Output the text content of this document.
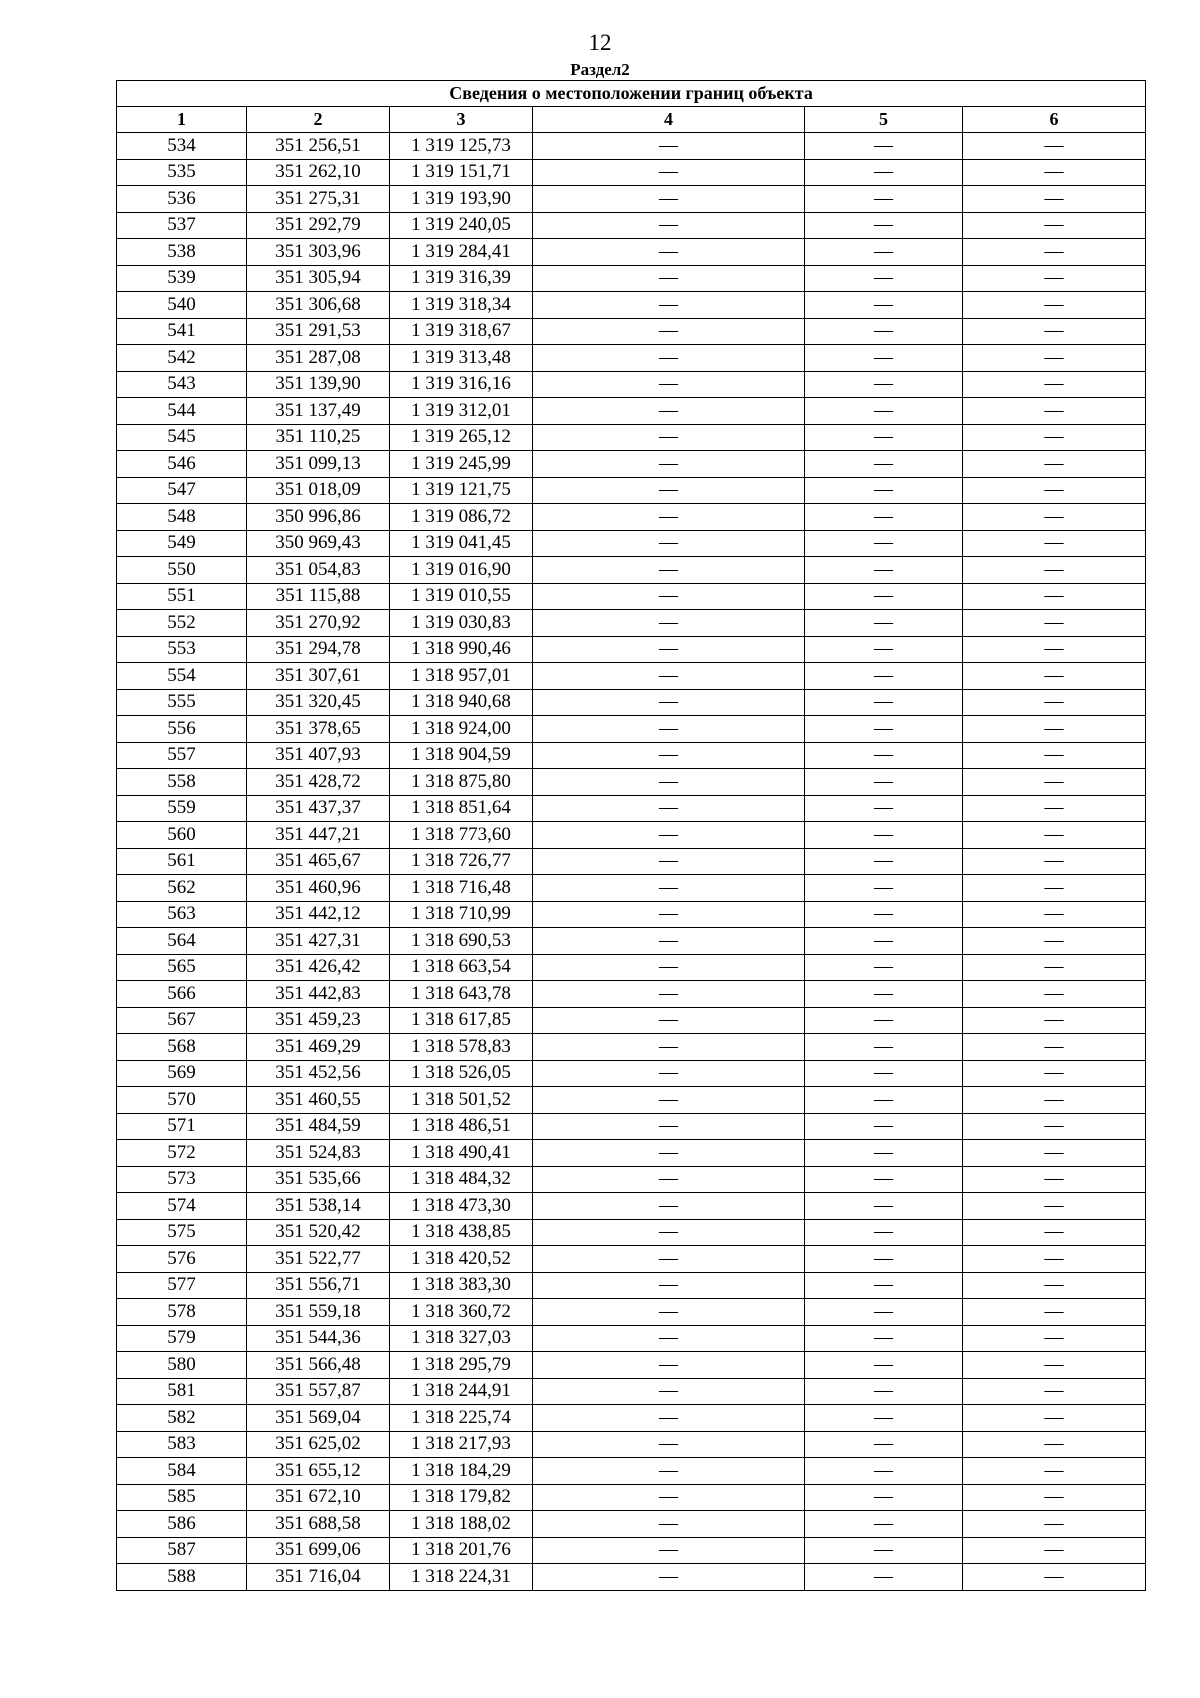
12
Раздел2
Сведения о местоположении границ объекта					
1	2	3	4	5	6
534	351 256,51	1 319 125,73	—	—	—
535	351 262,10	1 319 151,71	—	—	—
536	351 275,31	1 319 193,90	—	—	—
537	351 292,79	1 319 240,05	—	—	—
538	351 303,96	1 319 284,41	—	—	—
539	351 305,94	1 319 316,39	—	—	—
540	351 306,68	1 319 318,34	—	—	—
541	351 291,53	1 319 318,67	—	—	—
542	351 287,08	1 319 313,48	—	—	—
543	351 139,90	1 319 316,16	—	—	—
544	351 137,49	1 319 312,01	—	—	—
545	351 110,25	1 319 265,12	—	—	—
546	351 099,13	1 319 245,99	—	—	—
547	351 018,09	1 319 121,75	—	—	—
548	350 996,86	1 319 086,72	—	—	—
549	350 969,43	1 319 041,45	—	—	—
550	351 054,83	1 319 016,90	—	—	—
551	351 115,88	1 319 010,55	—	—	—
552	351 270,92	1 319 030,83	—	—	—
553	351 294,78	1 318 990,46	—	—	—
554	351 307,61	1 318 957,01	—	—	—
555	351 320,45	1 318 940,68	—	—	—
556	351 378,65	1 318 924,00	—	—	—
557	351 407,93	1 318 904,59	—	—	—
558	351 428,72	1 318 875,80	—	—	—
559	351 437,37	1 318 851,64	—	—	—
560	351 447,21	1 318 773,60	—	—	—
561	351 465,67	1 318 726,77	—	—	—
562	351 460,96	1 318 716,48	—	—	—
563	351 442,12	1 318 710,99	—	—	—
564	351 427,31	1 318 690,53	—	—	—
565	351 426,42	1 318 663,54	—	—	—
566	351 442,83	1 318 643,78	—	—	—
567	351 459,23	1 318 617,85	—	—	—
568	351 469,29	1 318 578,83	—	—	—
569	351 452,56	1 318 526,05	—	—	—
570	351 460,55	1 318 501,52	—	—	—
571	351 484,59	1 318 486,51	—	—	—
572	351 524,83	1 318 490,41	—	—	—
573	351 535,66	1 318 484,32	—	—	—
574	351 538,14	1 318 473,30	—	—	—
575	351 520,42	1 318 438,85	—	—	—
576	351 522,77	1 318 420,52	—	—	—
577	351 556,71	1 318 383,30	—	—	—
578	351 559,18	1 318 360,72	—	—	—
579	351 544,36	1 318 327,03	—	—	—
580	351 566,48	1 318 295,79	—	—	—
581	351 557,87	1 318 244,91	—	—	—
582	351 569,04	1 318 225,74	—	—	—
583	351 625,02	1 318 217,93	—	—	—
584	351 655,12	1 318 184,29	—	—	—
585	351 672,10	1 318 179,82	—	—	—
586	351 688,58	1 318 188,02	—	—	—
587	351 699,06	1 318 201,76	—	—	—
588	351 716,04	1 318 224,31	—	—	—
